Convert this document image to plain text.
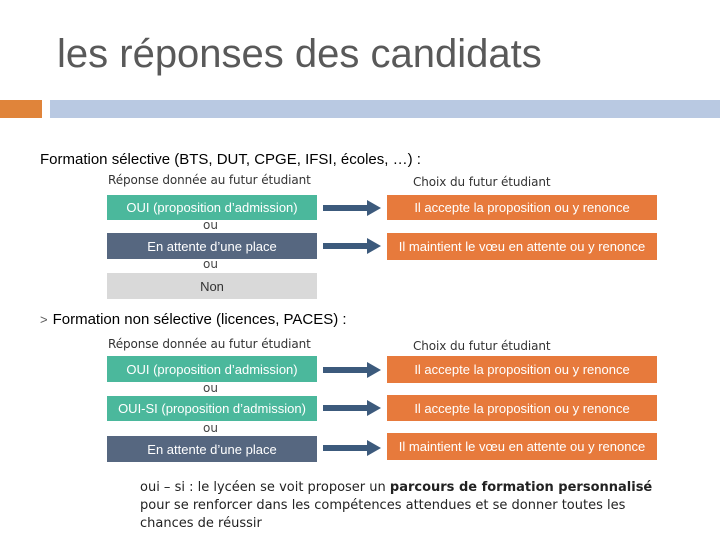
les réponses des candidats
Formation sélective (BTS, DUT, CPGE, IFSI, écoles, …) :
Réponse donnée au futur étudiant	Choix du futur étudiant
OUI (proposition d’admission)	Il accepte la proposition ou y renonce
ou
En attente d’une place	Il maintient le vœu en attente ou y renonce
ou
Non
> Formation non sélective (licences, PACES) :
Réponse donnée au futur étudiant	Choix du futur étudiant
OUI (proposition d’admission)	Il accepte la proposition ou y renonce
ou
OUI-SI (proposition d’admission)	Il accepte la proposition ou y renonce
ou
En attente d’une place	Il maintient le vœu en attente ou y renonce
oui – si : le lycéen se voit proposer un parcours de formation personnalisé pour se renforcer dans les compétences attendues et se donner toutes les chances de réussir
